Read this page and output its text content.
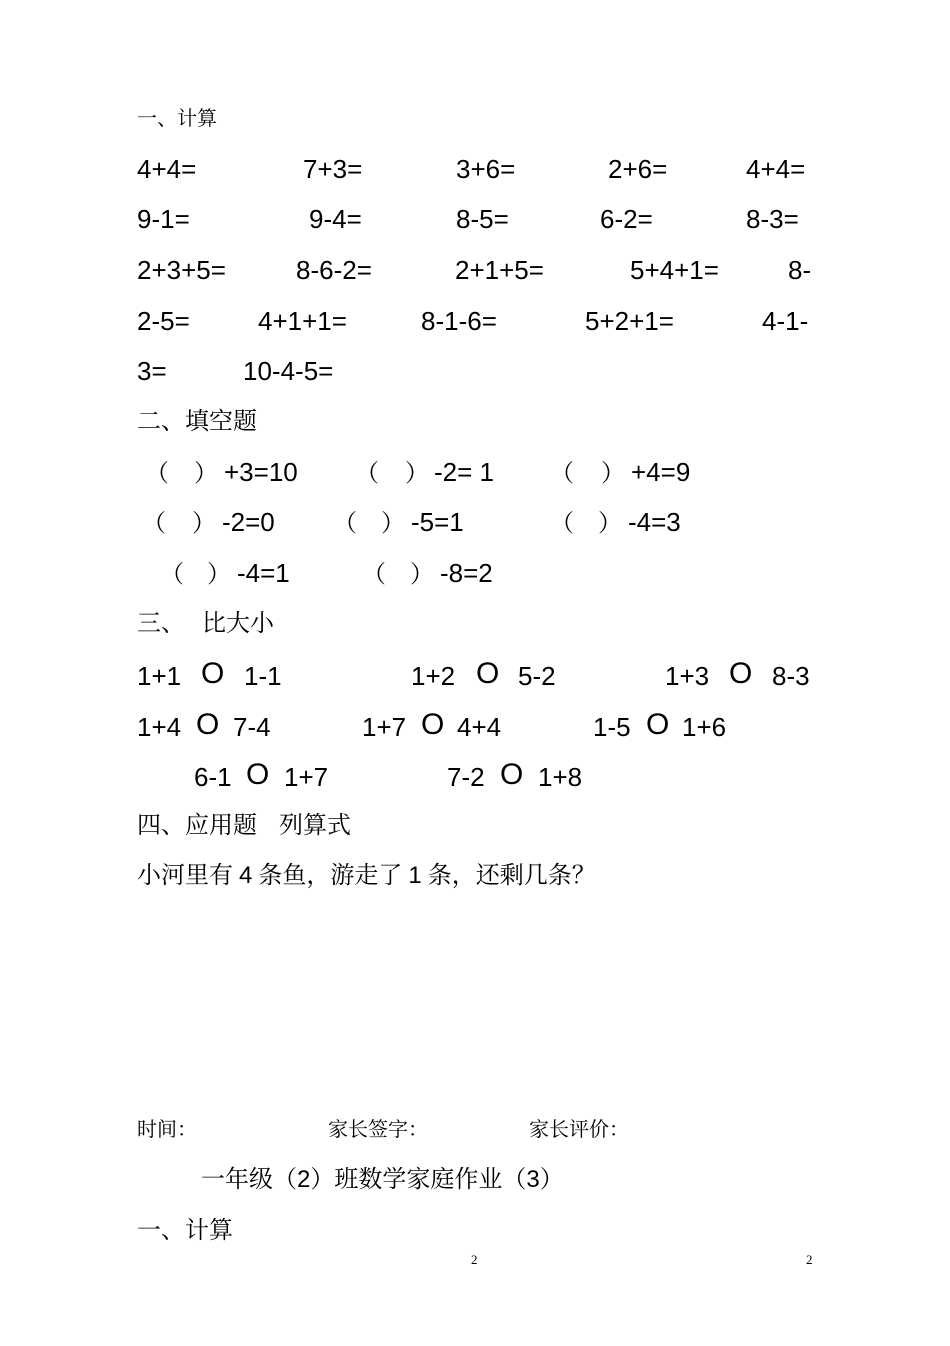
一、计算
4+4=	7+3=	3+6=	2+6=	4+4=
9-1=	9-4=	8-5=	6-2=	8-3=
2+3+5=	8-6-2=	2+1+5=	5+4+1=	8-
2-5=	4+1+1=	8-1-6=	5+2+1=	4-1-
3=	10-4-5=
二、填空题
（ ） +3=10 （ ） -2= 1 （ ） +4=9
（ ） -2=0 （ ） -5=1	（ ） -4=3
（ ） -4=1	（ ） -8=2
三、 比大小
1+1 O 1-1	1+2 O 5-2	1+3 O 8-3
1+4 O 7-4	1+7 O 4+4	1-5 O 1+6
6-1 O 1+7	7-2 O 1+8
四、应用题 列算式
小河里有 4 条鱼，游走了 1 条，还剩几条？
时间：	家长签字：	家长评价：
一年级（2）班数学家庭作业（3）
一、计算
2	2
